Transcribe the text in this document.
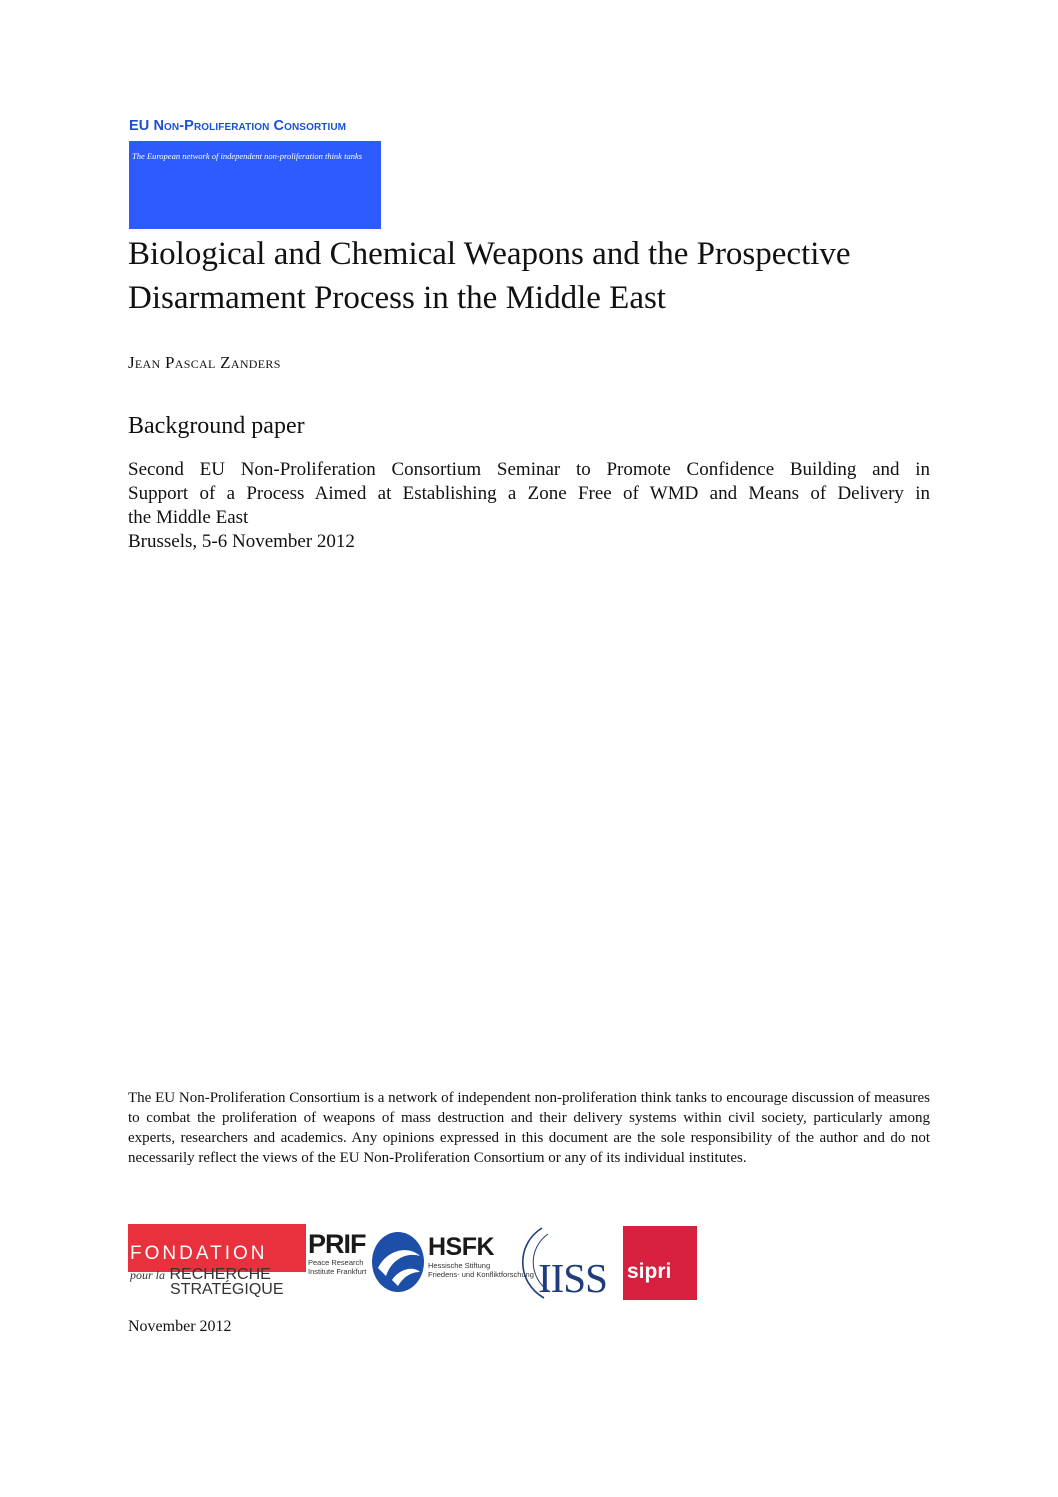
EU Non-Proliferation Consortium
The European network of independent non-proliferation think tanks
Biological and Chemical Weapons and the Prospective
Disarmament Process in the Middle East
Jean Pascal Zanders
Background paper
Second EU Non-Proliferation Consortium Seminar to Promote Confidence Building and in
Support of a Process Aimed at Establishing a Zone Free of WMD and Means of Delivery in
the Middle East
Brussels, 5-6 November 2012

The EU Non-Proliferation Consortium is a network of independent non-proliferation think tanks to encourage discussion of measures to combat the proliferation of weapons of mass destruction and their delivery systems within civil society, particularly among experts, researchers and academics. Any opinions expressed in this document are the sole responsibility of the author and do not necessarily reflect the views of the EU Non-Proliferation Consortium or any of its individual institutes.

FONDATION
pour la RECHERCHE
STRATÉGIQUE
PRIF
Peace Research
Institute Frankfurt
HSFK
Hessische Stiftung
Friedens- und Konfliktforschung IISS sipri
November 2012
